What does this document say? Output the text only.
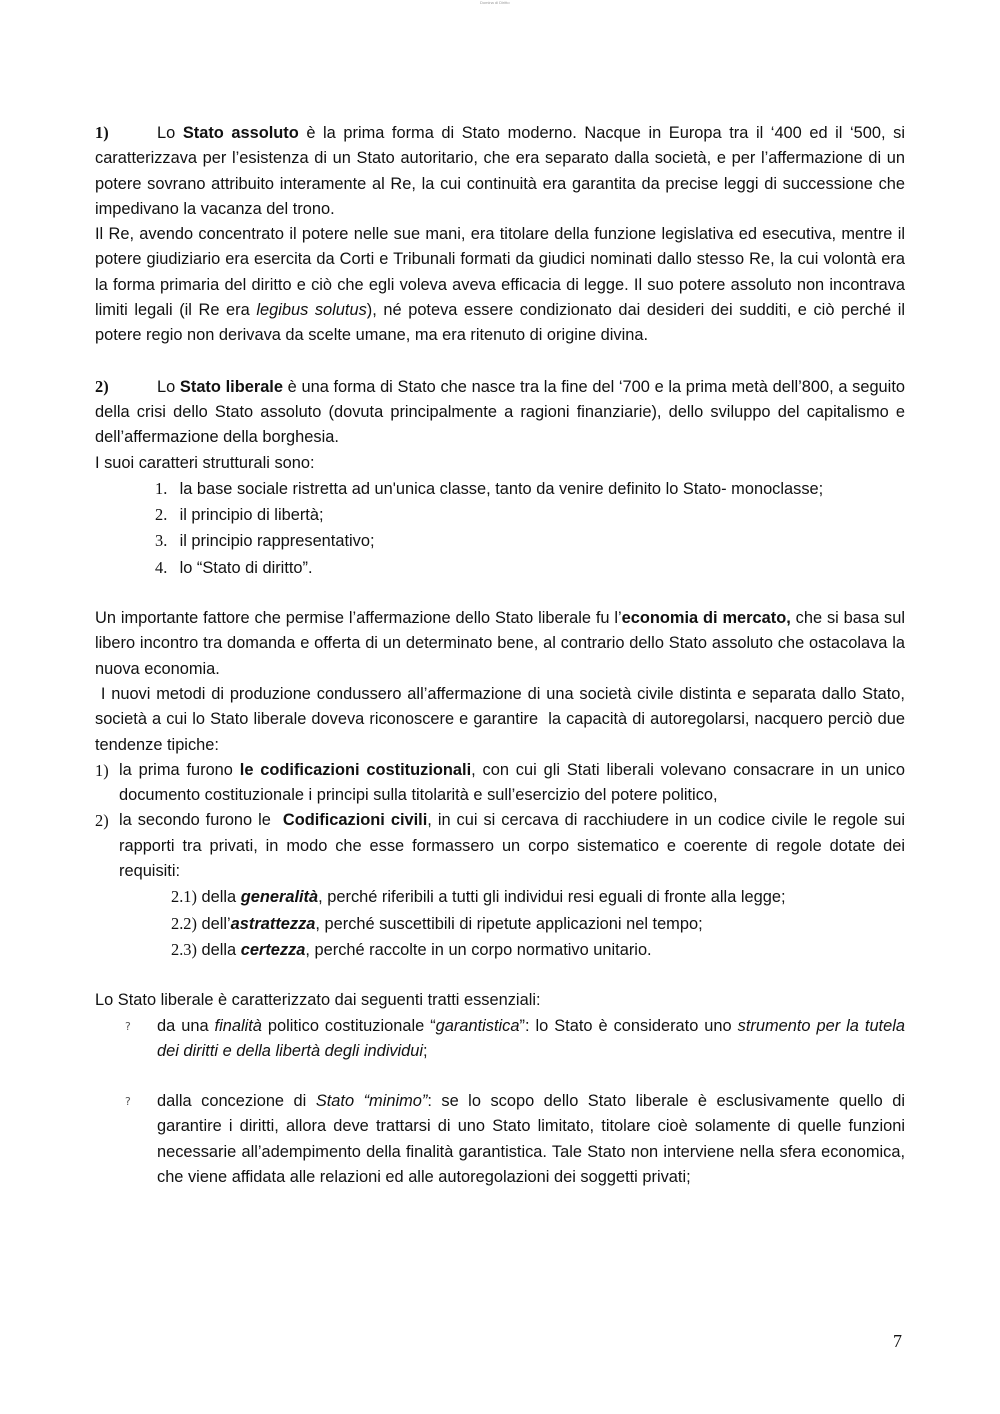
Domina di Diritto

1)	Lo Stato assoluto è la prima forma di Stato moderno. Nacque in Europa tra il ‘400 ed il ‘500, si caratterizzava per l’esistenza di un Stato autoritario, che era separato dalla società, e per l’affermazione di un potere sovrano attribuito interamente al Re, la cui continuità era garantita da precise leggi di successione che impedivano la vacanza del trono.

Il Re, avendo concentrato il potere nelle sue mani, era titolare della funzione legislativa ed esecutiva, mentre il potere giudiziario era esercita da Corti e Tribunali formati da giudici nominati dallo stesso Re, la cui volontà era la forma primaria del diritto e ciò che egli voleva aveva efficacia di legge. Il suo potere assoluto non incontrava limiti legali (il Re era legibus solutus), né poteva essere condizionato dai desideri dei sudditi, e ciò perché il potere regio non derivava da scelte umane, ma era ritenuto di origine divina.

2)	Lo Stato liberale è una forma di Stato che nasce tra la fine del ‘700 e la prima metà dell’800, a seguito della crisi dello Stato assoluto (dovuta principalmente a ragioni finanziarie), dello sviluppo del capitalismo e dell’affermazione della borghesia.

I suoi caratteri strutturali sono:

1. la base sociale ristretta ad un'unica classe, tanto da venire definito lo Stato- monoclasse;
2. il principio di libertà;
3. il principio rappresentativo;
4. lo “Stato di diritto”.

Un importante fattore che permise l’affermazione dello Stato liberale fu l’economia di mercato, che si basa sul libero incontro tra domanda e offerta di un determinato bene, al contrario dello Stato assoluto che ostacolava la nuova economia.

I nuovi metodi di produzione condussero all’affermazione di una società civile distinta e separata dallo Stato, società a cui lo Stato liberale doveva riconoscere e garantire  la capacità di autoregolarsi, nacquero perciò due tendenze tipiche:

1) la prima furono le codificazioni costituzionali, con cui gli Stati liberali volevano consacrare in un unico documento costituzionale i principi sulla titolarità e sull’esercizio del potere politico,
2) la secondo furono le  Codificazioni civili, in cui si cercava di racchiudere in un codice civile le regole sui rapporti tra privati, in modo che esse formassero un corpo sistematico e coerente di regole dotate dei requisiti:
2.1) della generalità, perché riferibili a tutti gli individui resi eguali di fronte alla legge;
2.2) dell’astrattezza, perché suscettibili di ripetute applicazioni nel tempo;
2.3) della certezza, perché raccolte in un corpo normativo unitario.

Lo Stato liberale è caratterizzato dai seguenti tratti essenziali:

?	da una finalità politico costituzionale “garantistica”: lo Stato è considerato uno strumento per la tutela dei diritti e della libertà degli individui;
?	dalla concezione di Stato “minimo”: se lo scopo dello Stato liberale è esclusivamente quello di garantire i diritti, allora deve trattarsi di uno Stato limitato, titolare cioè solamente di quelle funzioni necessarie all’adempimento della finalità garantistica. Tale Stato non interviene nella sfera economica, che viene affidata alle relazioni ed alle autoregolazioni dei soggetti privati;
7
